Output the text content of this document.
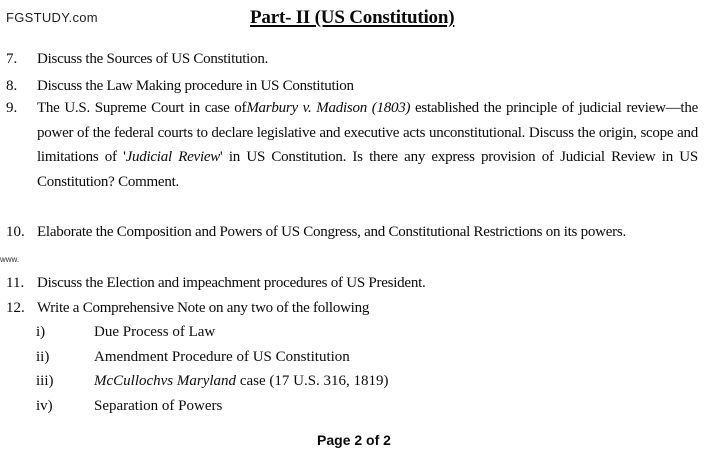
FGSTUDY.com
www.
Part- II (US Constitution)
7. Discuss the Sources of US Constitution.
8. Discuss the Law Making procedure in US Constitution
9. The U.S. Supreme Court in case ofMarbury v. Madison (1803) established the principle of judicial review—the power of the federal courts to declare legislative and executive acts unconstitutional. Discuss the origin, scope and limitations of 'Judicial Review' in US Constitution. Is there any express provision of Judicial Review in US Constitution? Comment.
10. Elaborate the Composition and Powers of US Congress, and Constitutional Restrictions on its powers.
11. Discuss the Election and impeachment procedures of US President.
12. Write a Comprehensive Note on any two of the following
i)	Due Process of Law
ii)	Amendment Procedure of US Constitution
iii)	McCullochvs Maryland case (17 U.S. 316, 1819)
iv)	Separation of Powers
Page 2 of 2
